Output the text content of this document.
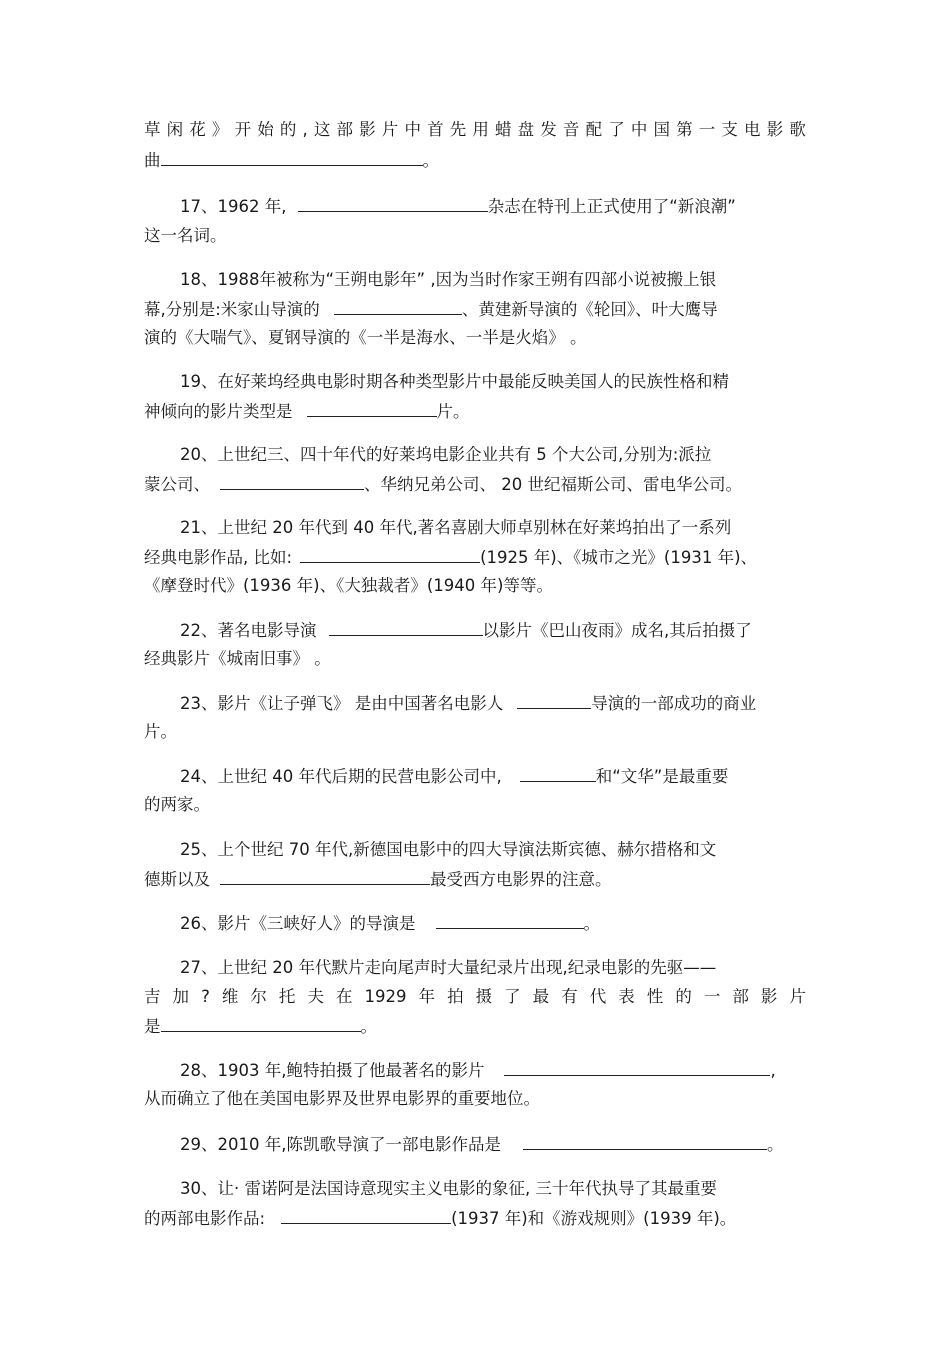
草 闲 花 》 开 始 的 , 这 部 影 片 中 首 先 用 蜡 盘 发 音 配 了 中 国 第 一 支 电 影 歌
曲	。
17、1962 年,	杂志在特刊上正式使用了“新浪潮”
这一名词。
18、1988年被称为“王朔电影年” ,因为当时作家王朔有四部小说被搬上银
幕,分别是:米家山导演的	、黄建新导演的《轮回》、叶大鹰导
演的《大喘气》、夏钢导演的《一半是海水、一半是火焰》 。
19、在好莱坞经典电影时期各种类型影片中最能反映美国人的民族性格和精
神倾向的影片类型是	片。
20、上世纪三、四十年代的好莱坞电影企业共有 5 个大公司,分别为:派拉
蒙公司、	、华纳兄弟公司、 20 世纪福斯公司、雷电华公司。
21、上世纪 20 年代到 40 年代,著名喜剧大师卓别林在好莱坞拍出了一系列
经典电影作品, 比如:	(1925 年)、《城市之光》(1931 年)、
《摩登时代》(1936 年)、《大独裁者》(1940 年)等等。
22、著名电影导演	以影片《巴山夜雨》成名,其后拍摄了
经典影片《城南旧事》 。
23、影片《让子弹飞》 是由中国著名电影人	导演的一部成功的商业
片。
24、上世纪 40 年代后期的民营电影公司中,	和“文华”是最重要
的两家。
25、上个世纪 70 年代,新德国电影中的四大导演法斯宾德、赫尔措格和文
德斯以及	最受西方电影界的注意。
26、影片《三峡好人》的导演是	。
27、上世纪 20 年代默片走向尾声时大量纪录片出现,纪录电影的先驱——
吉 加 ? 维 尔 托 夫 在 1929 年 拍 摄 了 最 有 代 表 性 的 一 部 影 片
是	。
28、1903 年,鲍特拍摄了他最著名的影片	,
从而确立了他在美国电影界及世界电影界的重要地位。
29、2010 年,陈凯歌导演了一部电影作品是	。
30、让· 雷诺阿是法国诗意现实主义电影的象征, 三十年代执导了其最重要
的两部电影作品:	(1937 年)和《游戏规则》(1939 年)。
